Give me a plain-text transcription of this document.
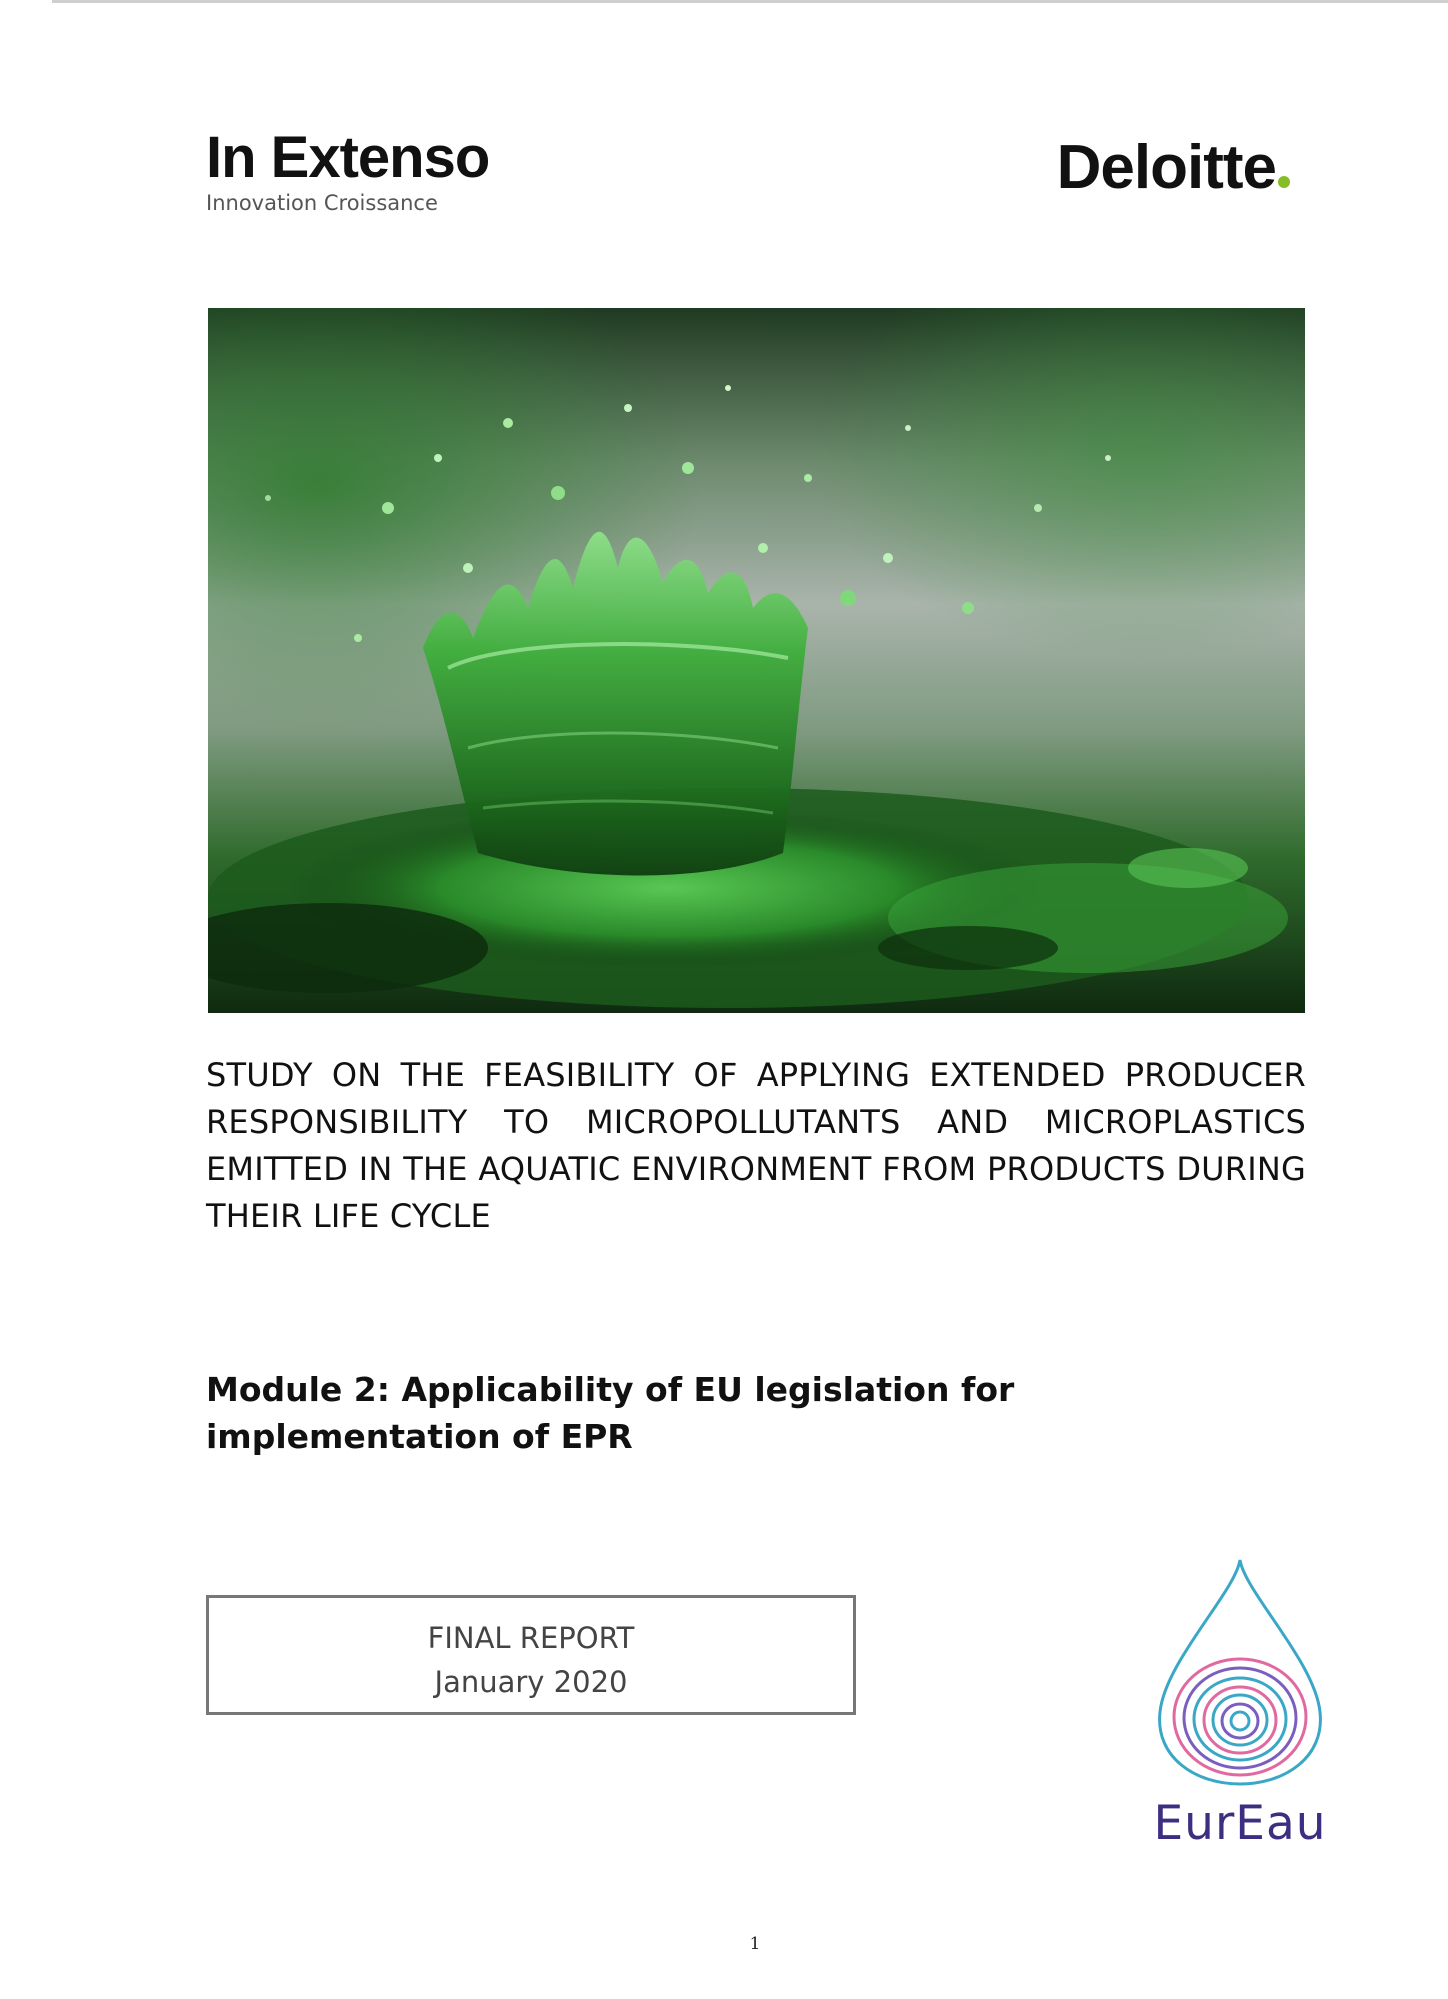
In Extenso
Innovation Croissance
Deloitte
STUDY ON THE FEASIBILITY OF APPLYING EXTENDED PRODUCER RESPONSIBILITY TO MICROPOLLUTANTS AND MICROPLASTICS EMITTED IN THE AQUATIC ENVIRONMENT FROM PRODUCTS DURING THEIR LIFE CYCLE
Module 2: Applicability of EU legislation for implementation of EPR
FINAL REPORT
January 2020
EurEau
1
